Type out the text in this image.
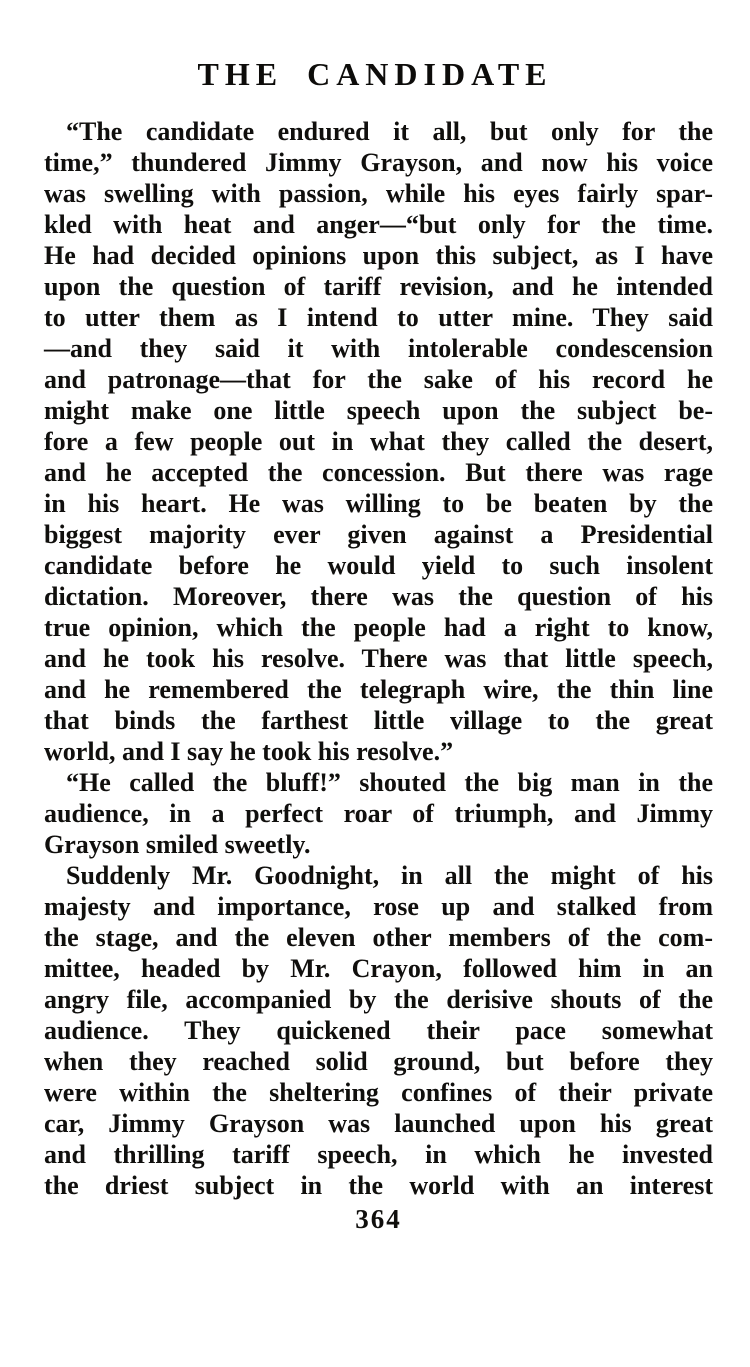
THE CANDIDATE
“The candidate endured it all, but only for the
time,” thundered Jimmy Grayson, and now his voice
was swelling with passion, while his eyes fairly spar-
kled with heat and anger—“but only for the time.
He had decided opinions upon this subject, as I have
upon the question of tariff revision, and he intended
to utter them as I intend to utter mine. They said
—and they said it with intolerable condescension
and patronage—that for the sake of his record he
might make one little speech upon the subject be-
fore a few people out in what they called the desert,
and he accepted the concession. But there was rage
in his heart. He was willing to be beaten by the
biggest majority ever given against a Presidential
candidate before he would yield to such insolent
dictation. Moreover, there was the question of his
true opinion, which the people had a right to know,
and he took his resolve. There was that little speech,
and he remembered the telegraph wire, the thin line
that binds the farthest little village to the great
world, and I say he took his resolve.”
“He called the bluff!” shouted the big man in the
audience, in a perfect roar of triumph, and Jimmy
Grayson smiled sweetly.
Suddenly Mr. Goodnight, in all the might of his
majesty and importance, rose up and stalked from
the stage, and the eleven other members of the com-
mittee, headed by Mr. Crayon, followed him in an
angry file, accompanied by the derisive shouts of the
audience. They quickened their pace somewhat
when they reached solid ground, but before they
were within the sheltering confines of their private
car, Jimmy Grayson was launched upon his great
and thrilling tariff speech, in which he invested
the driest subject in the world with an interest
364
